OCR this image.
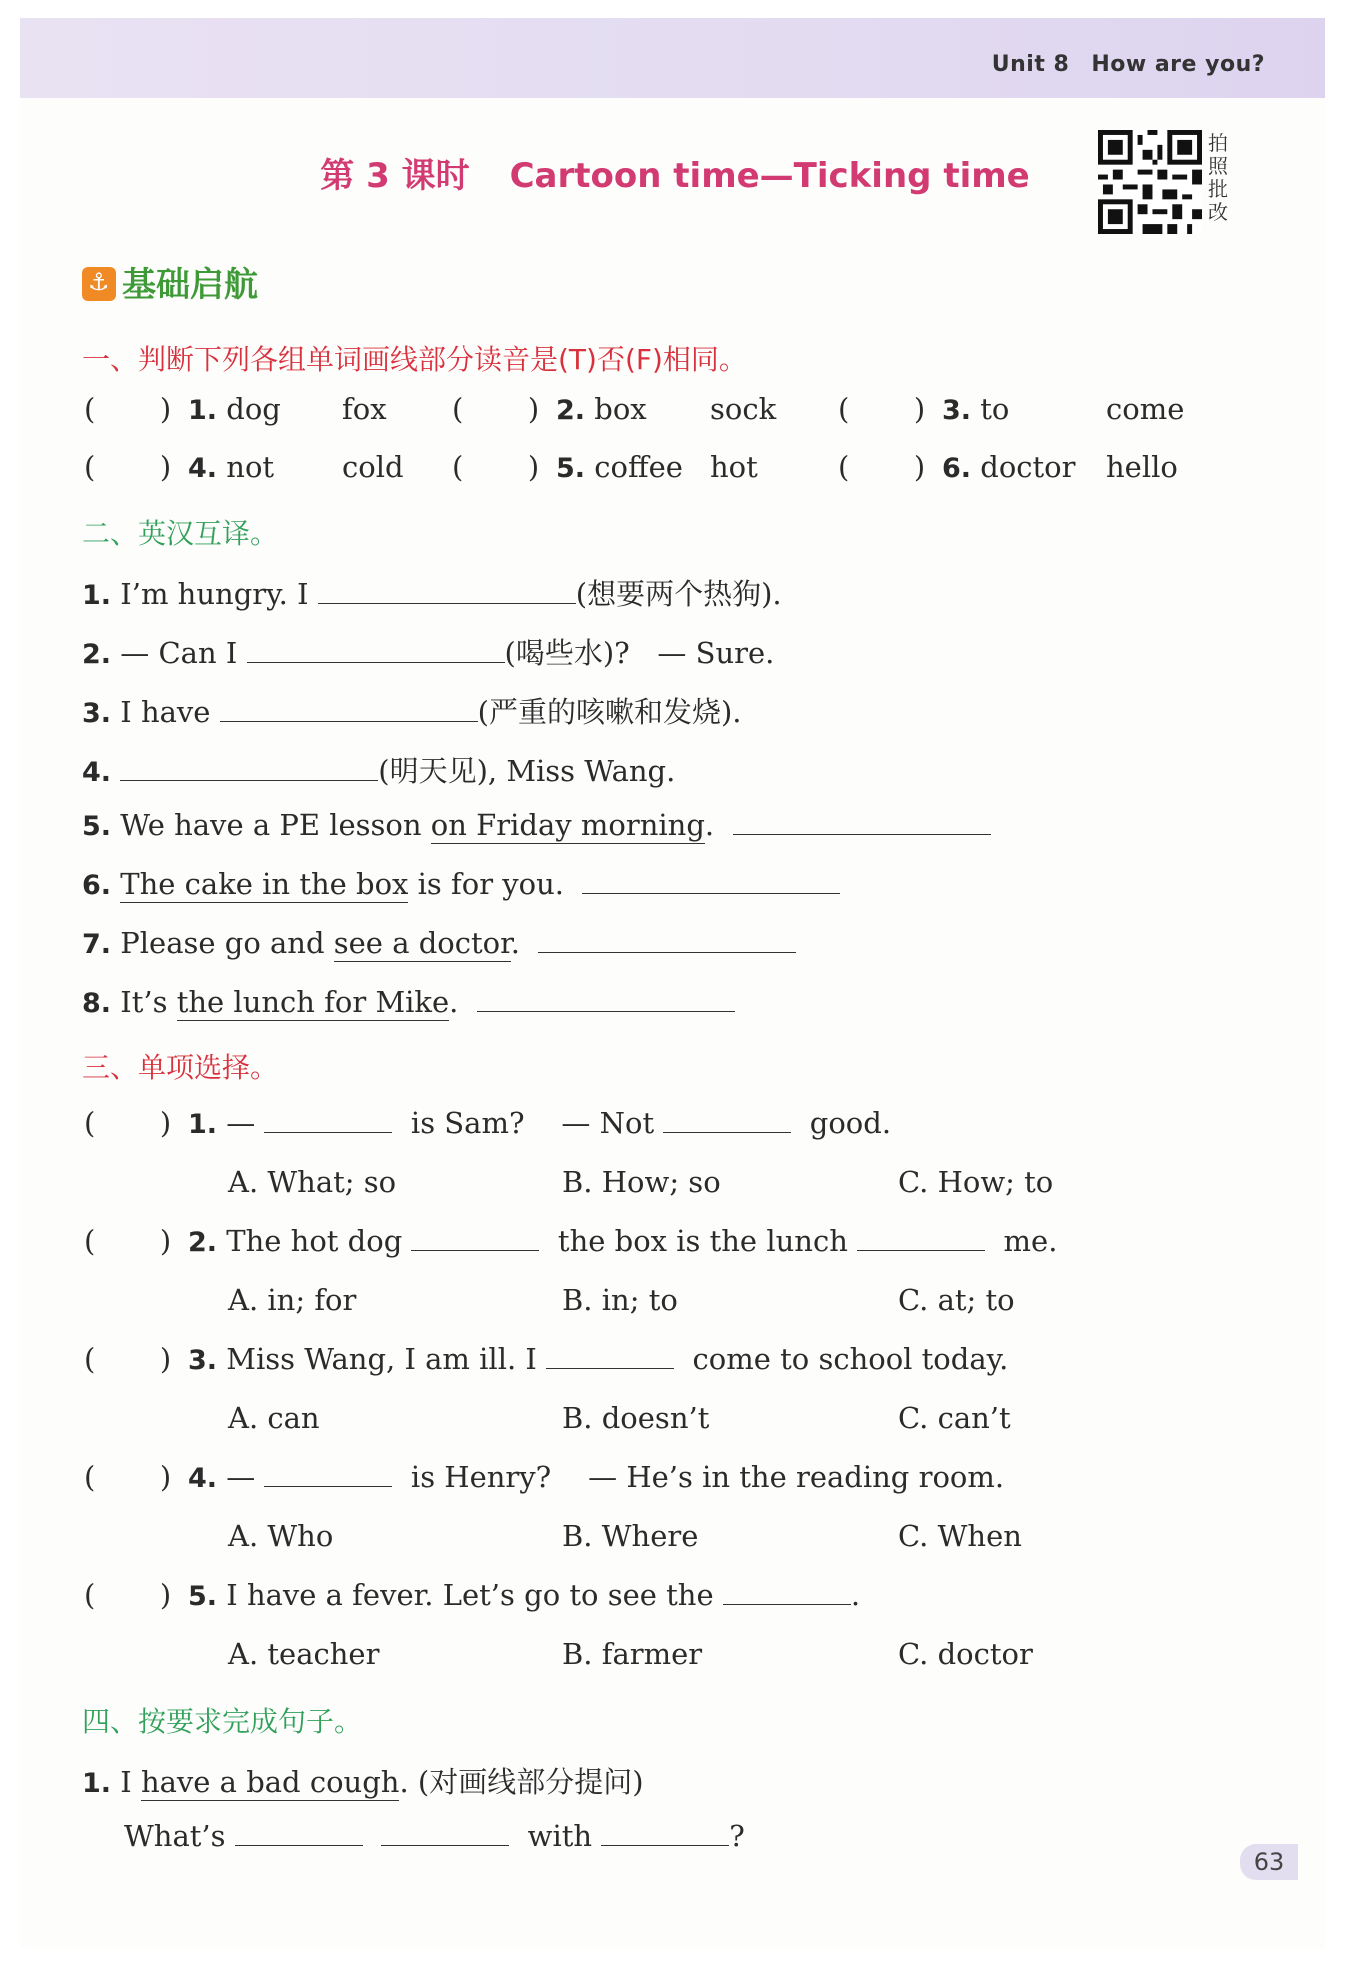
Unit 8 How are you?
第 3 课时 Cartoon time—Ticking time
拍照批改
⚓基础启航
一、判断下列各组单词画线部分读音是(T)否(F)相同。
(       ) 1. dog fox (       ) 2. box sock (       ) 3. to	come
(       ) 4. not cold (       ) 5. coffee hot	(       ) 6. doctor hello
二、英汉互译。
1. I’m hungry. I	(想要两个热狗).
2. — Can I	(喝些水)? — Sure.
3. I have	(严重的咳嗽和发烧).
4.	(明天见), Miss Wang.
5. We have a PE lesson on Friday morning.
6. The cake in the box is for you.
7. Please go and see a doctor.
8. It’s the lunch for Mike.
三、单项选择。
(       ) 1. —	is Sam? — Not	good.
A. What; so	B. How; so	C. How; to
(       ) 2. The hot dog	the box is the lunch	me.
A. in; for	B. in; to	C. at; to
(       ) 3. Miss Wang, I am ill. I	come to school today.
A. can	B. doesn’t	C. can’t
(       ) 4. —	is Henry? — He’s in the reading room.
A. Who	B. Where	C. When
(       ) 5. I have a fever. Let’s go to see the	.
A. teacher	B. farmer	C. doctor
四、按要求完成句子。
1. I have a bad cough. (对画线部分提问)
What’s	with	?
63
